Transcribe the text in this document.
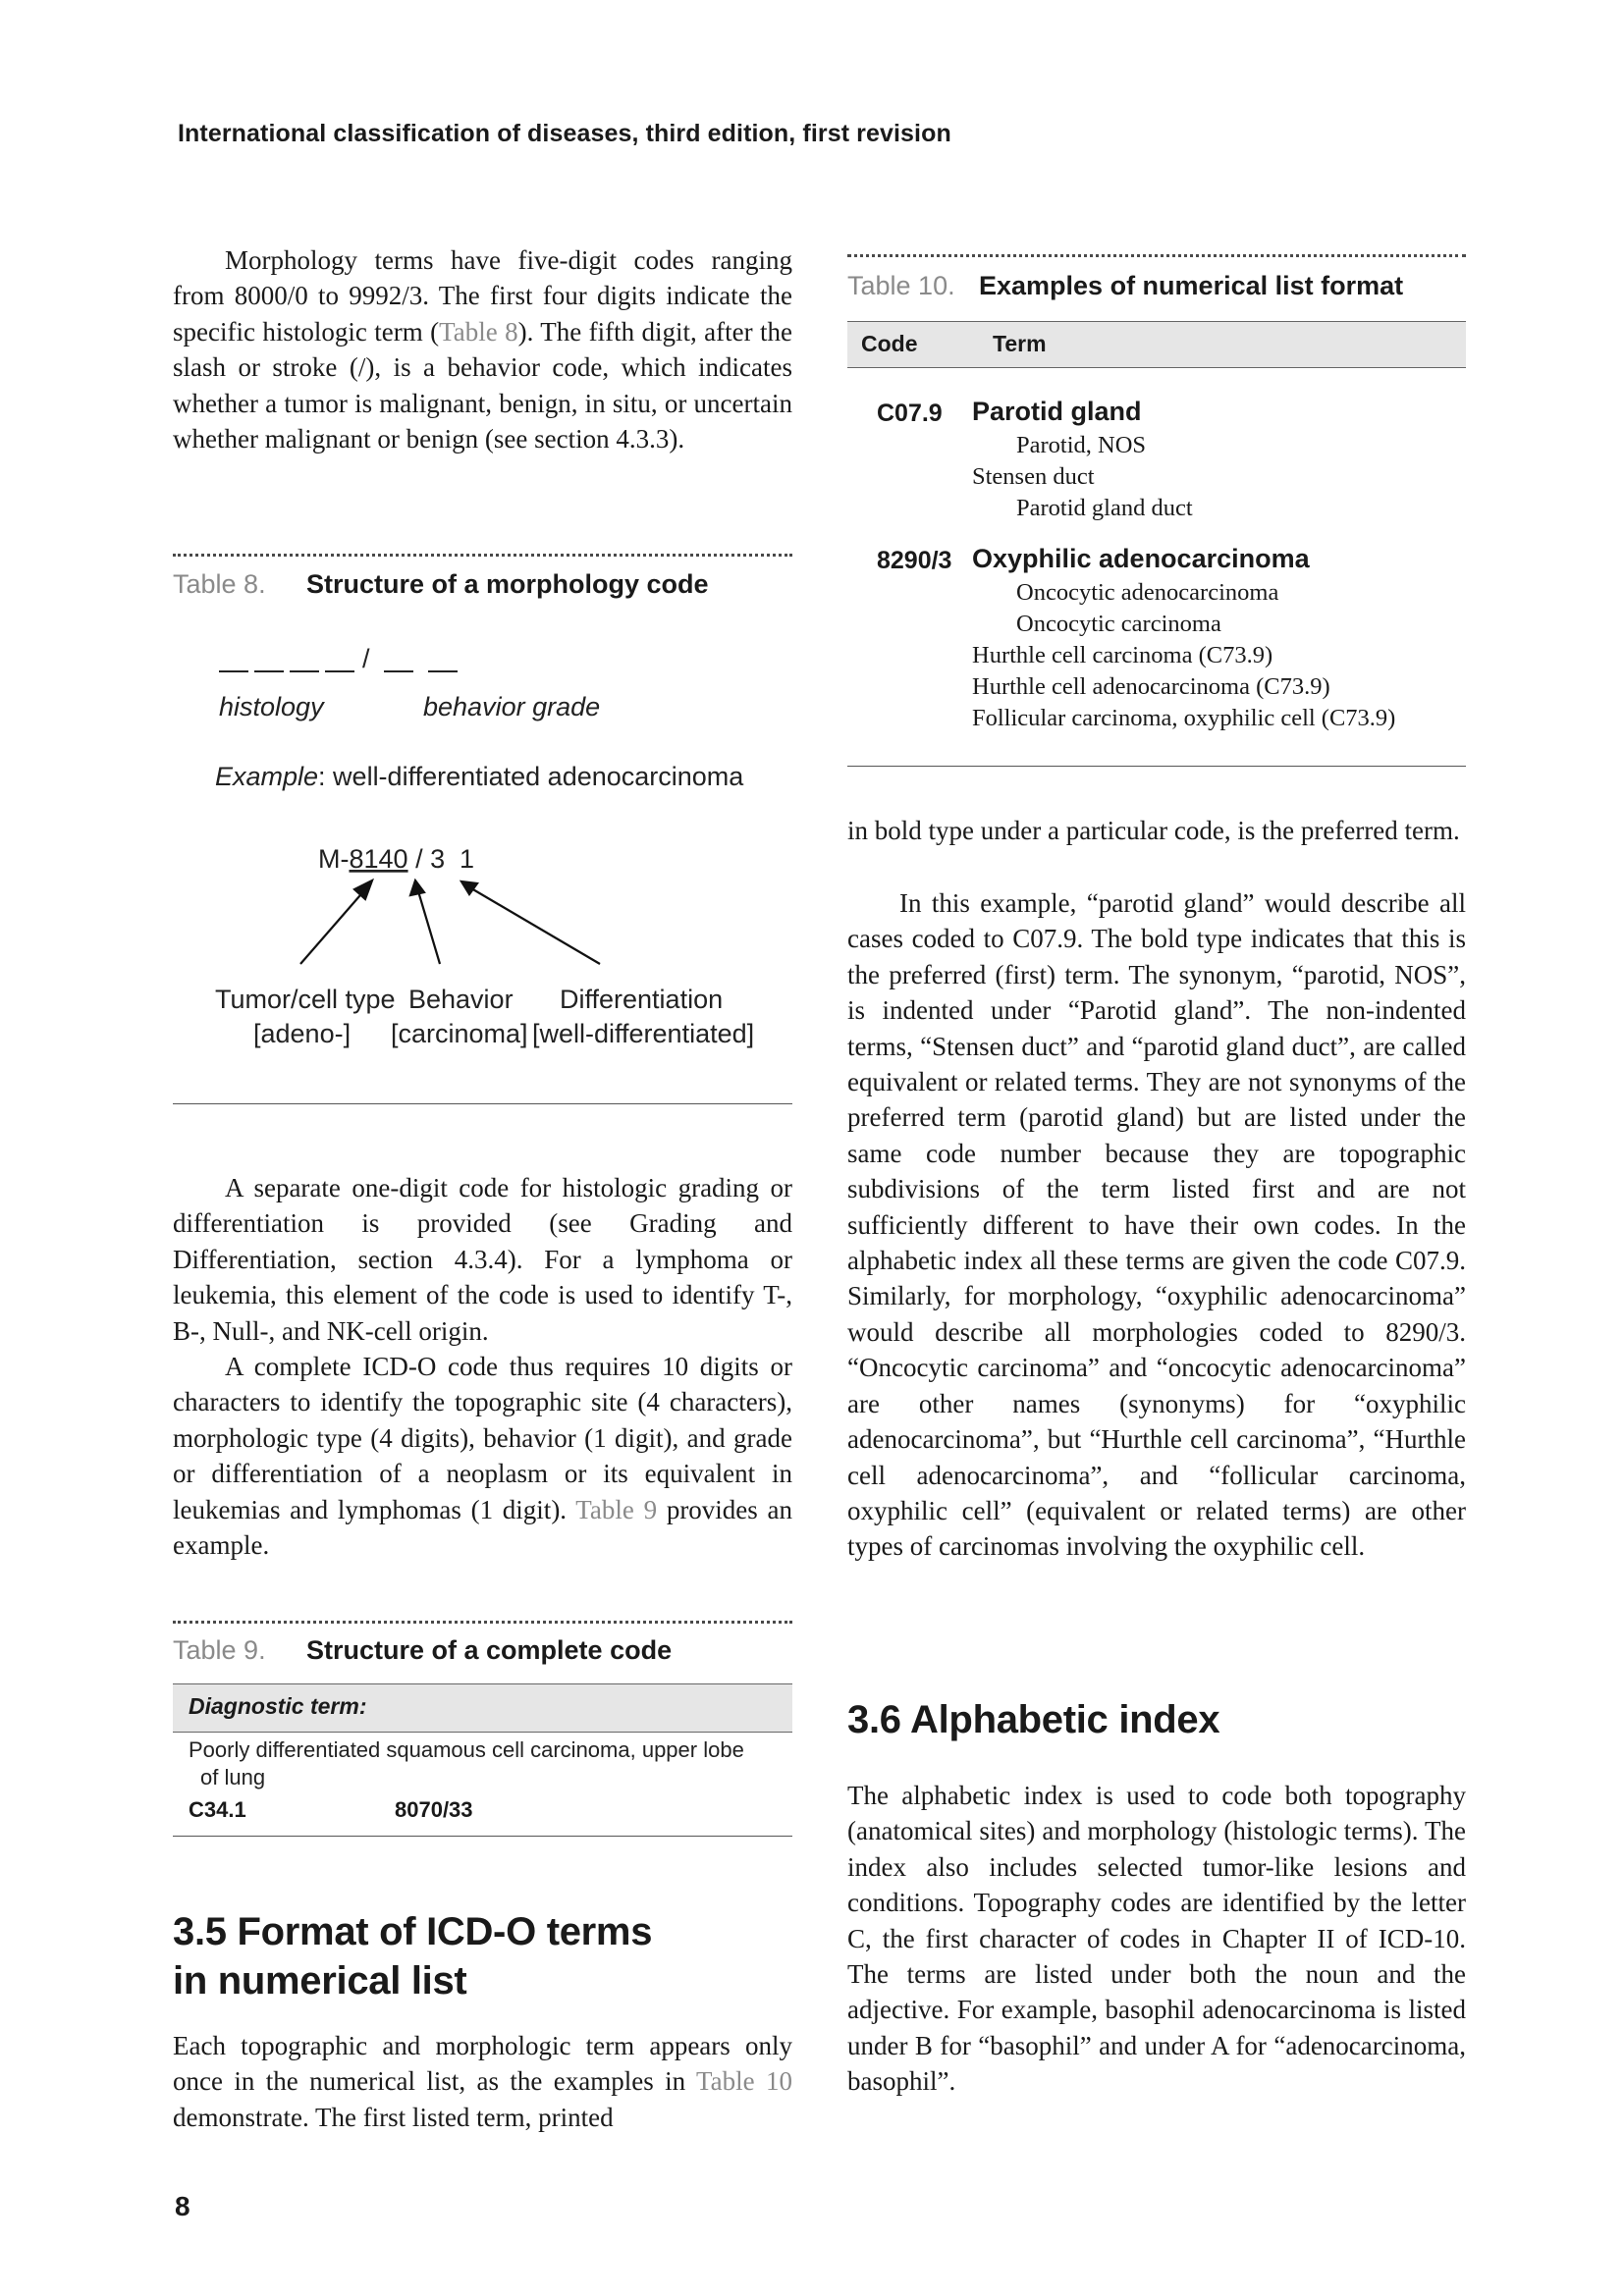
International classification of diseases, third edition, first revision

Morphology terms have five-digit codes ranging from 8000/0 to 9992/3. The first four digits indicate the specific histologic term (Table 8). The fifth digit, after the slash or stroke (/), is a behavior code, which indicates whether a tumor is malignant, benign, in situ, or uncertain whether malignant or benign (see section 4.3.3).

Table 8. Structure of a morphology code
/
histology	behavior grade
Example: well-differentiated adenocarcinoma
M-8140 / 3 1
Tumor/cell type
[adeno-]
Behavior
[carcinoma]
Differentiation
[well-differentiated]

A separate one-digit code for histologic grading or differentiation is provided (see Grading and Differentiation, section 4.3.4). For a lymphoma or leukemia, this element of the code is used to identify T-, B-, Null-, and NK-cell origin.

A complete ICD-O code thus requires 10 digits or characters to identify the topographic site (4 characters), morphologic type (4 digits), behavior (1 digit), and grade or differentiation of a neoplasm or its equivalent in leukemias and lymphomas (1 digit). Table 9 provides an example.

Table 9. Structure of a complete code
Diagnostic term:
Poorly differentiated squamous cell carcinoma, upper lobe
of lung
C34.1	8070/33
3.5 Format of ICD-O terms
in numerical list

Each topographic and morphologic term appears only once in the numerical list, as the examples in Table 10 demonstrate. The first listed term, printed

Table 10. Examples of numerical list format
Code	Term
C07.9 Parotid gland
Parotid, NOS
Stensen duct
Parotid gland duct
8290/3 Oxyphilic adenocarcinoma
Oncocytic adenocarcinoma
Oncocytic carcinoma
Hurthle cell carcinoma (C73.9)
Hurthle cell adenocarcinoma (C73.9)
Follicular carcinoma, oxyphilic cell (C73.9)

in bold type under a particular code, is the preferred term.

In this example, “parotid gland” would describe all cases coded to C07.9. The bold type indicates that this is the preferred (first) term. The synonym, “parotid, NOS”, is indented under “Parotid gland”. The non-indented terms, “Stensen duct” and “parotid gland duct”, are called equivalent or related terms. They are not synonyms of the preferred term (parotid gland) but are listed under the same code number because they are topographic subdivisions of the term listed first and are not sufficiently different to have their own codes. In the alphabetic index all these terms are given the code C07.9. Similarly, for morphology, “oxyphilic adenocarcinoma” would describe all morphologies coded to 8290/3. “Oncocytic carcinoma” and “oncocytic adenocarcinoma” are other names (synonyms) for “oxyphilic adenocarcinoma”, but “Hurthle cell carcinoma”, “Hurthle cell adenocarcinoma”, and “follicular carcinoma, oxyphilic cell” (equivalent or related terms) are other types of carcinomas involving the oxyphilic cell.

3.6 Alphabetic index

The alphabetic index is used to code both topography (anatomical sites) and morphology (histologic terms). The index also includes selected tumor-like lesions and conditions. Topography codes are identified by the letter C, the first character of codes in Chapter II of ICD-10. The terms are listed under both the noun and the adjective. For example, basophil adenocarcinoma is listed under B for “basophil” and under A for “adenocarcinoma, basophil”.

8
